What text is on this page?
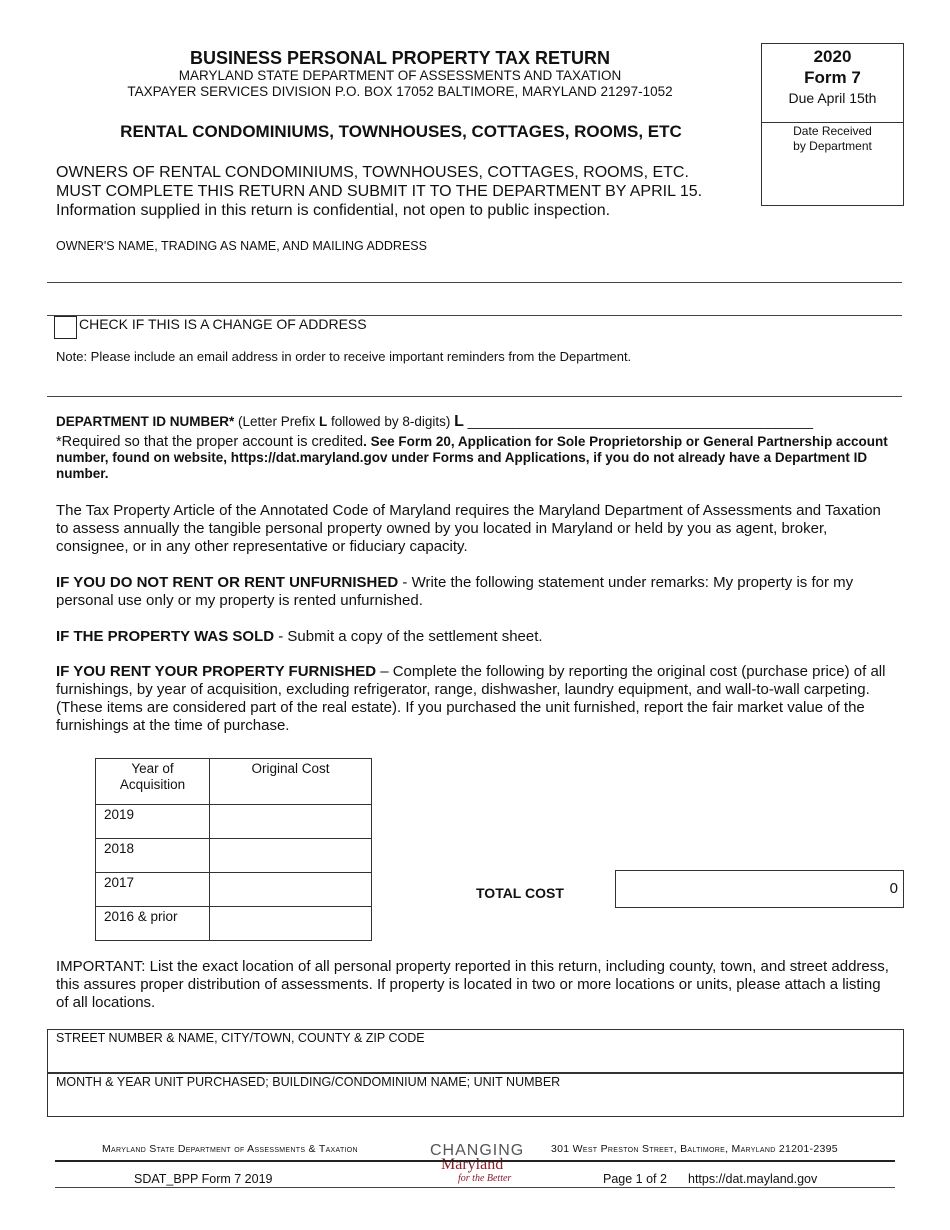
BUSINESS PERSONAL PROPERTY TAX RETURN
MARYLAND STATE DEPARTMENT OF ASSESSMENTS AND TAXATION
TAXPAYER SERVICES DIVISION P.O. BOX 17052 BALTIMORE, MARYLAND 21297-1052
2020
Form 7
Due April 15th
Date Received
by Department
RENTAL CONDOMINIUMS, TOWNHOUSES, COTTAGES, ROOMS, ETC
OWNERS OF RENTAL CONDOMINIUMS, TOWNHOUSES, COTTAGES, ROOMS, ETC.
MUST COMPLETE THIS RETURN AND SUBMIT IT TO THE DEPARTMENT BY APRIL 15.
Information supplied in this return is confidential, not open to public inspection.
OWNER'S NAME, TRADING AS NAME, AND MAILING ADDRESS
CHECK IF THIS IS A CHANGE OF ADDRESS
Note: Please include an email address in order to receive important reminders from the Department.
DEPARTMENT ID NUMBER* (Letter Prefix L followed by 8-digits) L ______________________________________________
*Required so that the proper account is credited. See Form 20, Application for Sole Proprietorship or General Partnership account number, found on website, https://dat.maryland.gov under Forms and Applications, if you do not already have a Department ID number.
The Tax Property Article of the Annotated Code of Maryland requires the Maryland Department of Assessments and Taxation to assess annually the tangible personal property owned by you located in Maryland or held by you as agent, broker, consignee, or in any other representative or fiduciary capacity.
IF YOU DO NOT RENT OR RENT UNFURNISHED - Write the following statement under remarks: My property is for my personal use only or my property is rented unfurnished.
IF THE PROPERTY WAS SOLD - Submit a copy of the settlement sheet.
IF YOU RENT YOUR PROPERTY FURNISHED – Complete the following by reporting the original cost (purchase price) of all furnishings, by year of acquisition, excluding refrigerator, range, dishwasher, laundry equipment, and wall-to-wall carpeting. (These items are considered part of the real estate). If you purchased the unit furnished, report the fair market value of the furnishings at the time of purchase.
Year of
Acquisition	Original Cost
2019	
2018	
2017	
2016 & prior	
TOTAL COST	0
IMPORTANT: List the exact location of all personal property reported in this return, including county, town, and street address, this assures proper distribution of assessments. If property is located in two or more locations or units, please attach a listing of all locations.
STREET NUMBER & NAME, CITY/TOWN, COUNTY & ZIP CODE
MONTH & YEAR UNIT PURCHASED; BUILDING/CONDOMINIUM NAME; UNIT NUMBER
Maryland State Department of Assessments & Taxation	CHANGING
Maryland
for the Better
301 West Preston Street, Baltimore, Maryland 21201-2395
SDAT_BPP Form 7 2019	Page 1 of 2 https://dat.mayland.gov
